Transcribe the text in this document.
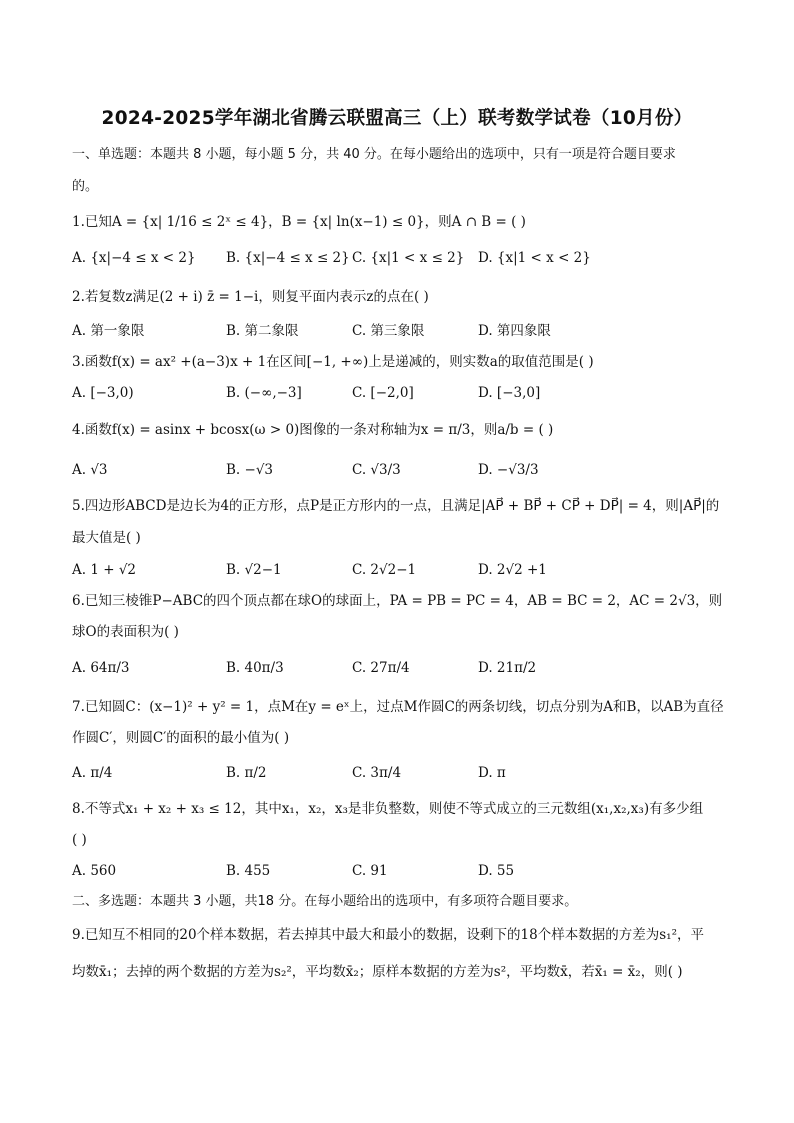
2024-2025学年湖北省腾云联盟高三（上）联考数学试卷（10月份）
一、单选题：本题共 8 小题，每小题 5 分，共 40 分。在每小题给出的选项中，只有一项是符合题目要求
的。
1.已知A = {x| 1/16 ≤ 2ˣ ≤ 4}，B = {x| ln(x−1) ≤ 0}，则A ∩ B = ( )
A. {x|−4 ≤ x < 2} B. {x|−4 ≤ x ≤ 2} C. {x|1 < x ≤ 2} D. {x|1 < x < 2}
2.若复数z满足(2 + i) z̄ = 1−i，则复平面内表示z的点在( )
A. 第一象限	B. 第二象限	C. 第三象限	D. 第四象限
3.函数f(x) = ax² +(a−3)x + 1在区间[−1, +∞)上是递减的，则实数a的取值范围是( )
A. [−3,0)	B. (−∞,−3]	C. [−2,0]	D. [−3,0]
4.函数f(x) = asinx + bcosx(ω > 0)图像的一条对称轴为x = π/3，则a/b = ( )
A. √3	B. −√3	C. √3/3	D. −√3/3
5.四边形ABCD是边长为4的正方形，点P是正方形内的一点，且满足|AP⃗ + BP⃗ + CP⃗ + DP⃗| = 4，则|AP⃗|的
最大值是( )
A. 1 + √2	B. √2−1	C. 2√2−1	D. 2√2 +1
6.已知三棱锥P−ABC的四个顶点都在球O的球面上，PA = PB = PC = 4，AB = BC = 2，AC = 2√3，则
球O的表面积为( )
A. 64π/3	B. 40π/3	C. 27π/4	D. 21π/2
7.已知圆C：(x−1)² + y² = 1，点M在y = eˣ上，过点M作圆C的两条切线，切点分别为A和B，以AB为直径
作圆C′，则圆C′的面积的最小值为( )
A. π/4	B. π/2	C. 3π/4	D. π
8.不等式x₁ + x₂ + x₃ ≤ 12，其中x₁，x₂，x₃是非负整数，则使不等式成立的三元数组(x₁,x₂,x₃)有多少组
( )
A. 560	B. 455	C. 91	D. 55
二、多选题：本题共 3 小题，共18 分。在每小题给出的选项中，有多项符合题目要求。
9.已知互不相同的20个样本数据，若去掉其中最大和最小的数据，设剩下的18个样本数据的方差为s₁²，平
均数x̄₁；去掉的两个数据的方差为s₂²，平均数x̄₂；原样本数据的方差为s²，平均数x̄，若x̄₁ = x̄₂，则( )
